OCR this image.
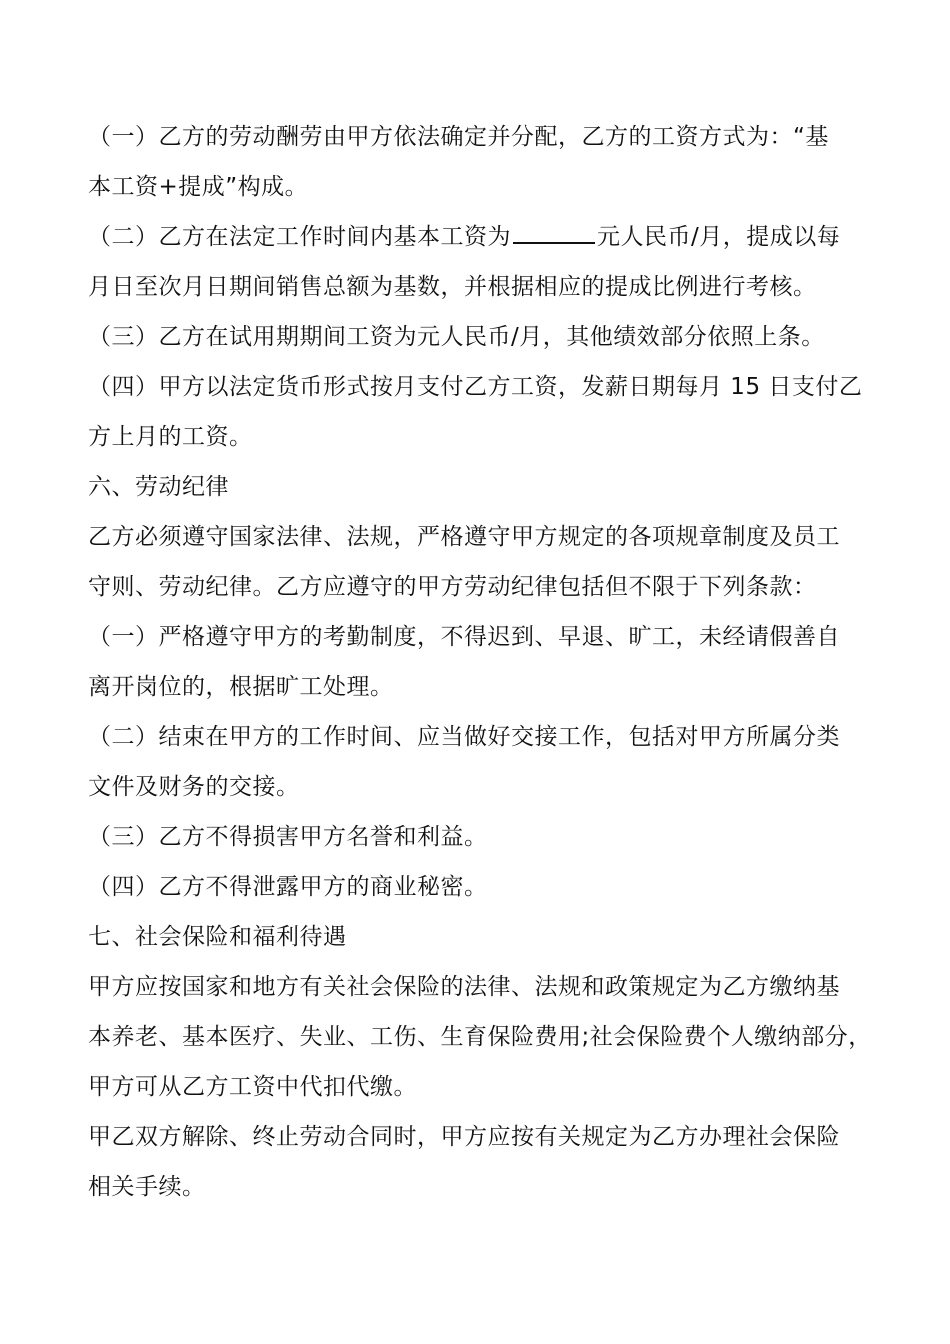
（一）乙方的劳动酬劳由甲方依法确定并分配，乙方的工资方式为：“基
本工资+提成”构成。
（二）乙方在法定工作时间内基本工资为	元人民币/月，提成以每
月日至次月日期间销售总额为基数，并根据相应的提成比例进行考核。
（三）乙方在试用期期间工资为元人民币/月，其他绩效部分依照上条。
（四）甲方以法定货币形式按月支付乙方工资，发薪日期每月 15 日支付乙
方上月的工资。
六、劳动纪律
乙方必须遵守国家法律、法规，严格遵守甲方规定的各项规章制度及员工
守则、劳动纪律。乙方应遵守的甲方劳动纪律包括但不限于下列条款：
（一）严格遵守甲方的考勤制度，不得迟到、早退、旷工，未经请假善自
离开岗位的，根据旷工处理。
（二）结束在甲方的工作时间、应当做好交接工作，包括对甲方所属分类
文件及财务的交接。
（三）乙方不得损害甲方名誉和利益。
（四）乙方不得泄露甲方的商业秘密。
七、社会保险和福利待遇
甲方应按国家和地方有关社会保险的法律、法规和政策规定为乙方缴纳基
本养老、基本医疗、失业、工伤、生育保险费用;社会保险费个人缴纳部分，
甲方可从乙方工资中代扣代缴。
甲乙双方解除、终止劳动合同时，甲方应按有关规定为乙方办理社会保险
相关手续。
